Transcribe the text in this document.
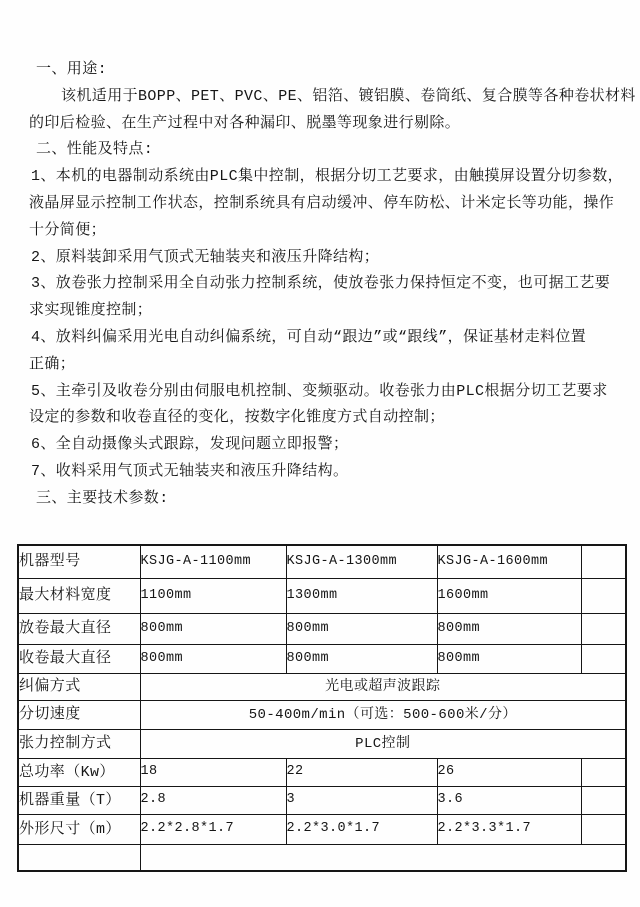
一、用途:
该机适用于BOPP、PET、PVC、PE、铝箔、镀铝膜、卷筒纸、复合膜等各种卷状材料
的印后检验、在生产过程中对各种漏印、脱墨等现象进行剔除。
二、性能及特点:
1、本机的电器制动系统由PLC集中控制，根据分切工艺要求，由触摸屏设置分切参数，
液晶屏显示控制工作状态，控制系统具有启动缓冲、停车防松、计米定长等功能，操作
十分简便；
2、原料装卸采用气顶式无轴装夹和液压升降结构；
3、放卷张力控制采用全自动张力控制系统，使放卷张力保持恒定不变，也可据工艺要
求实现锥度控制；
4、放料纠偏采用光电自动纠偏系统，可自动“跟边”或“跟线”，保证基材走料位置
正确；
5、主牵引及收卷分别由伺服电机控制、变频驱动。收卷张力由PLC根据分切工艺要求
设定的参数和收卷直径的变化，按数字化锥度方式自动控制；
6、全自动摄像头式跟踪，发现问题立即报警；
7、收料采用气顶式无轴装夹和液压升降结构。
三、主要技术参数:
机器型号	KSJG-A-1100mm	KSJG-A-1300mm	KSJG-A-1600mm	
最大材料宽度	1100mm	1300mm	1600mm	
放卷最大直径	800mm	800mm	800mm	
收卷最大直径	800mm	800mm	800mm	
纠偏方式	光电或超声波跟踪			
分切速度	50-400m/min（可选：500-600米/分）			
张力控制方式	PLC控制			
总功率（Kw）	18	22	26	
机器重量（T）	2.8	3	3.6	
外形尺寸（m）	2.2*2.8*1.7	2.2*3.0*1.7	2.2*3.3*1.7	
